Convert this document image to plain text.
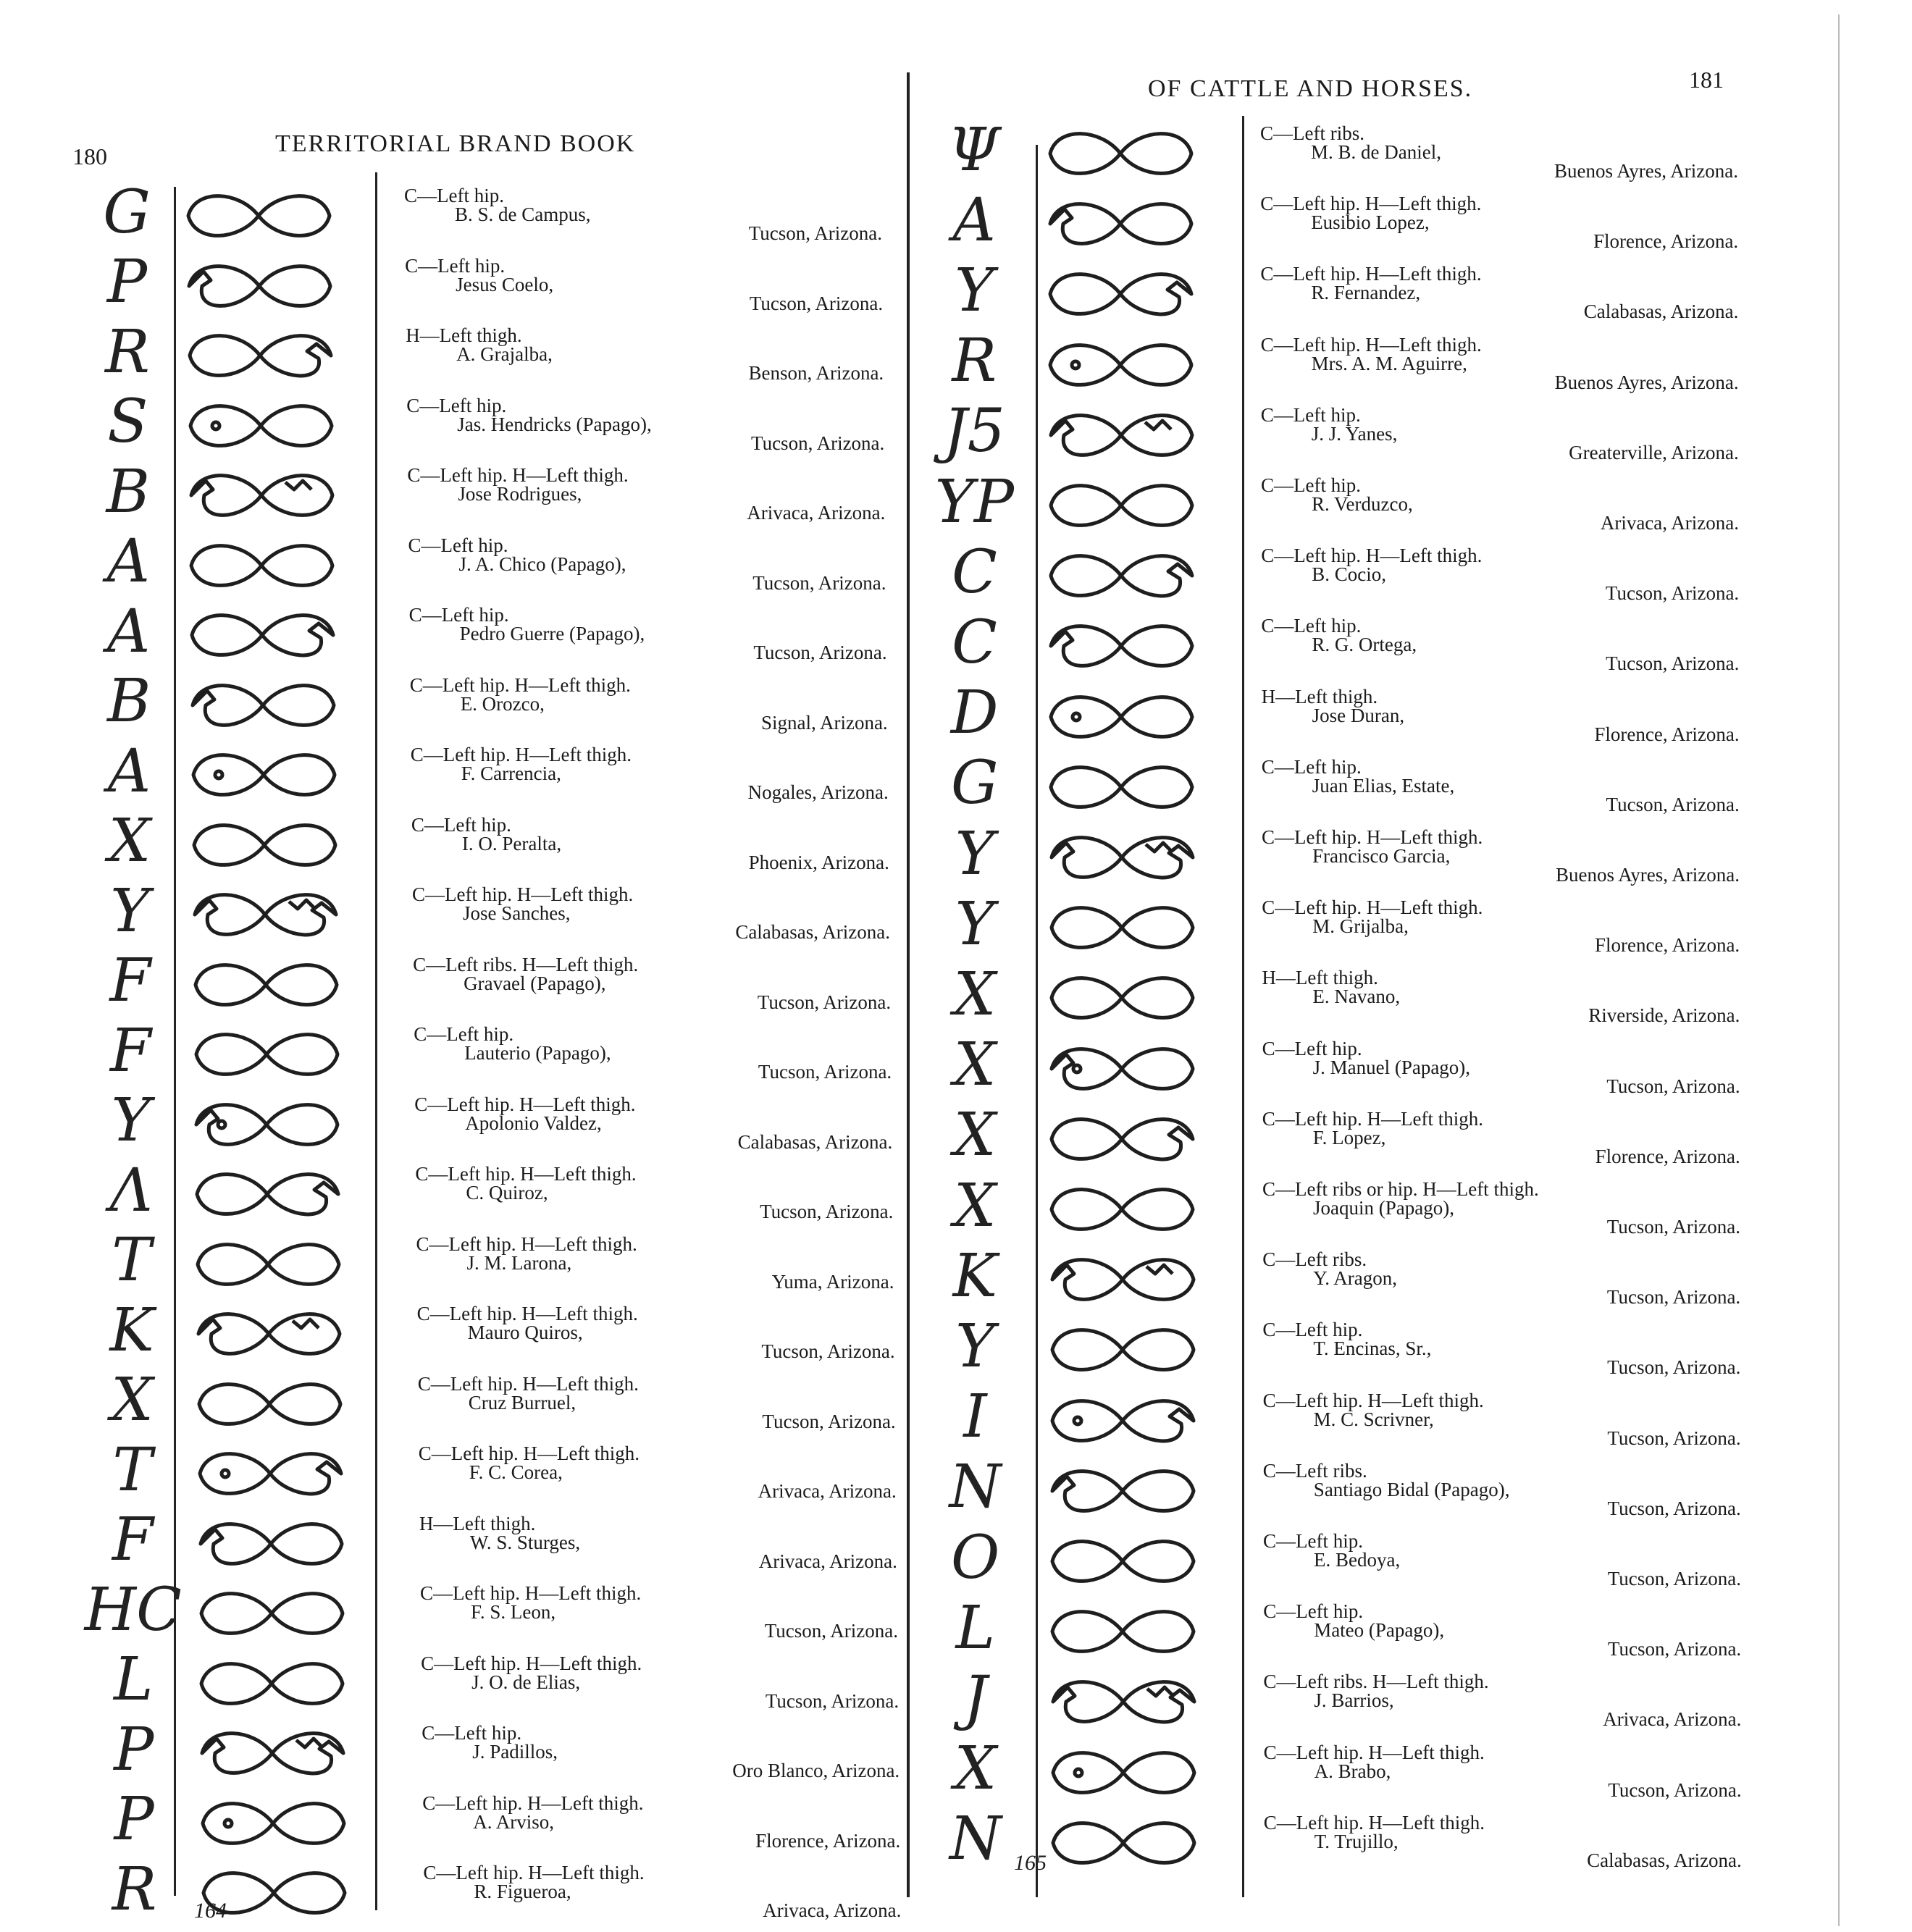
180	TERRITORIAL BRAND BOOK
G
P
R
S
B
A
A
B
A
X
Y
F
F
Y
Λ
T
K
X
T
F
HC
L
P
P
R
C—Left hip.
B. S. de Campus,
Tucson, Arizona.
C—Left hip.
Jesus Coelo,
Tucson, Arizona.
H—Left thigh.
A. Grajalba,
Benson, Arizona.
C—Left hip.
Jas. Hendricks (Papago),
Tucson, Arizona.
C—Left hip. H—Left thigh.
Jose Rodrigues,
Arivaca, Arizona.
C—Left hip.
J. A. Chico (Papago),
Tucson, Arizona.
C—Left hip.
Pedro Guerre (Papago),
Tucson, Arizona.
C—Left hip. H—Left thigh.
E. Orozco,
Signal, Arizona.
C—Left hip. H—Left thigh.
F. Carrencia,
Nogales, Arizona.
C—Left hip.
I. O. Peralta,
Phoenix, Arizona.
C—Left hip. H—Left thigh.
Jose Sanches,
Calabasas, Arizona.
C—Left ribs. H—Left thigh.
Gravael (Papago),
Tucson, Arizona.
C—Left hip.
Lauterio (Papago),
Tucson, Arizona.
C—Left hip. H—Left thigh.
Apolonio Valdez,
Calabasas, Arizona.
C—Left hip. H—Left thigh.
C. Quiroz,
Tucson, Arizona.
C—Left hip. H—Left thigh.
J. M. Larona,
Yuma, Arizona.
C—Left hip. H—Left thigh.
Mauro Quiros,
Tucson, Arizona.
C—Left hip. H—Left thigh.
Cruz Burruel,
Tucson, Arizona.
C—Left hip. H—Left thigh.
F. C. Corea,
Arivaca, Arizona.
H—Left thigh.
W. S. Sturges,
Arivaca, Arizona.
C—Left hip. H—Left thigh.
F. S. Leon,
Tucson, Arizona.
C—Left hip. H—Left thigh.
J. O. de Elias,
Tucson, Arizona.
C—Left hip.
J. Padillos,
Oro Blanco, Arizona.
C—Left hip. H—Left thigh.
A. Arviso,
Florence, Arizona.
C—Left hip. H—Left thigh.
R. Figueroa,
Arivaca, Arizona.
164
OF CATTLE AND HORSES.	181
Ψ
A
Y
R
J5
YP
C
C
D
G
Y
Y
X
X
X
X
K
Y
I
N
O
L
J
X
N
C—Left ribs.
M. B. de Daniel,
Buenos Ayres, Arizona.
C—Left hip. H—Left thigh.
Eusibio Lopez,
Florence, Arizona.
C—Left hip. H—Left thigh.
R. Fernandez,
Calabasas, Arizona.
C—Left hip. H—Left thigh.
Mrs. A. M. Aguirre,
Buenos Ayres, Arizona.
C—Left hip.
J. J. Yanes,
Greaterville, Arizona.
C—Left hip.
R. Verduzco,
Arivaca, Arizona.
C—Left hip. H—Left thigh.
B. Cocio,
Tucson, Arizona.
C—Left hip.
R. G. Ortega,
Tucson, Arizona.
H—Left thigh.
Jose Duran,
Florence, Arizona.
C—Left hip.
Juan Elias, Estate,
Tucson, Arizona.
C—Left hip. H—Left thigh.
Francisco Garcia,
Buenos Ayres, Arizona.
C—Left hip. H—Left thigh.
M. Grijalba,
Florence, Arizona.
H—Left thigh.
E. Navano,
Riverside, Arizona.
C—Left hip.
J. Manuel (Papago),
Tucson, Arizona.
C—Left hip. H—Left thigh.
F. Lopez,
Florence, Arizona.
C—Left ribs or hip. H—Left thigh.
Joaquin (Papago),
Tucson, Arizona.
C—Left ribs.
Y. Aragon,
Tucson, Arizona.
C—Left hip.
T. Encinas, Sr.,
Tucson, Arizona.
C—Left hip. H—Left thigh.
M. C. Scrivner,
Tucson, Arizona.
C—Left ribs.
Santiago Bidal (Papago),
Tucson, Arizona.
C—Left hip.
E. Bedoya,
Tucson, Arizona.
C—Left hip.
Mateo (Papago),
Tucson, Arizona.
C—Left ribs. H—Left thigh.
J. Barrios,
Arivaca, Arizona.
C—Left hip. H—Left thigh.
A. Brabo,
Tucson, Arizona.
C—Left hip. H—Left thigh.
T. Trujillo,
Calabasas, Arizona.
165
